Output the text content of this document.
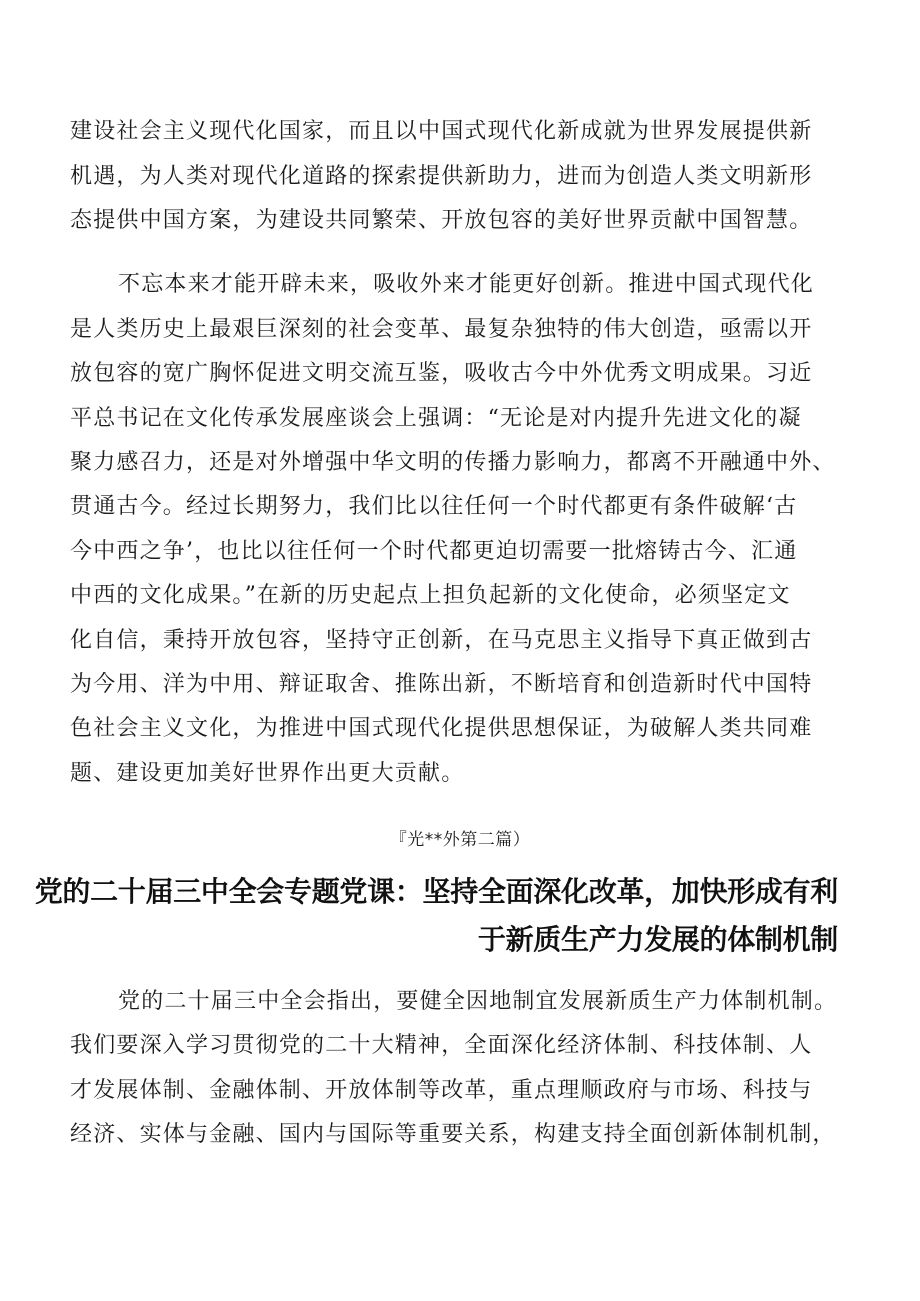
建设社会主义现代化国家，而且以中国式现代化新成就为世界发展提供新
机遇，为人类对现代化道路的探索提供新助力，进而为创造人类文明新形
态提供中国方案，为建设共同繁荣、开放包容的美好世界贡献中国智慧。
不忘本来才能开辟未来，吸收外来才能更好创新。推进中国式现代化
是人类历史上最艰巨深刻的社会变革、最复杂独特的伟大创造，亟需以开
放包容的宽广胸怀促进文明交流互鉴，吸收古今中外优秀文明成果。习近
平总书记在文化传承发展座谈会上强调：“无论是对内提升先进文化的凝
聚力感召力，还是对外增强中华文明的传播力影响力，都离不开融通中外、
贯通古今。经过长期努力，我们比以往任何一个时代都更有条件破解‘古
今中西之争’，也比以往任何一个时代都更迫切需要一批熔铸古今、汇通
中西的文化成果。”在新的历史起点上担负起新的文化使命，必须坚定文
化自信，秉持开放包容，坚持守正创新，在马克思主义指导下真正做到古
为今用、洋为中用、辩证取舍、推陈出新，不断培育和创造新时代中国特
色社会主义文化，为推进中国式现代化提供思想保证，为破解人类共同难
题、建设更加美好世界作出更大贡献。
『光**外第二篇）
党的二十届三中全会专题党课：坚持全面深化改革，加快形成有利
于新质生产力发展的体制机制
党的二十届三中全会指出，要健全因地制宜发展新质生产力体制机制。
我们要深入学习贯彻党的二十大精神，全面深化经济体制、科技体制、人
才发展体制、金融体制、开放体制等改革，重点理顺政府与市场、科技与
经济、实体与金融、国内与国际等重要关系，构建支持全面创新体制机制，
